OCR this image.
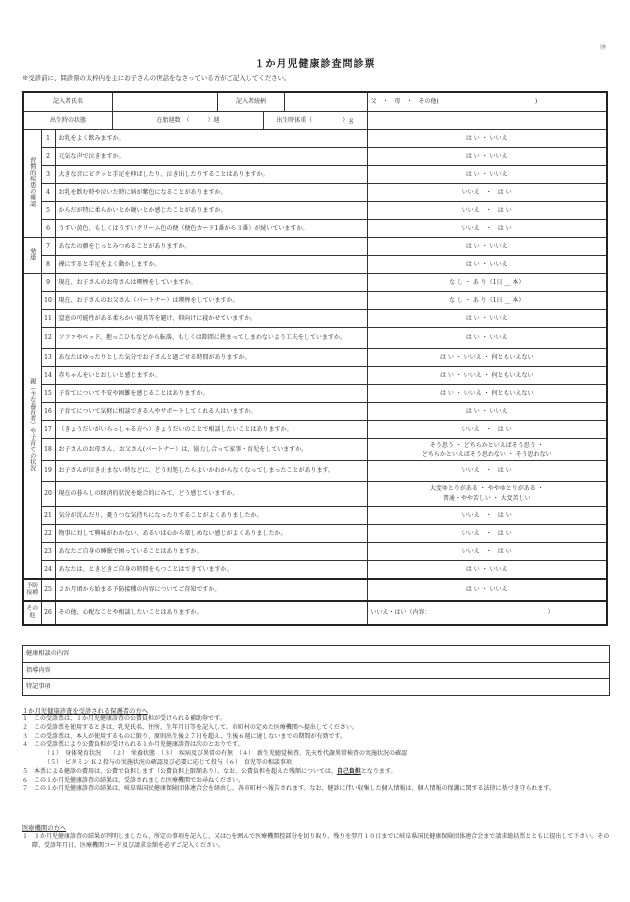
⑲
１か月児健康診査問診票
※受診前に、問診票の太枠内を主にお子さんの世話をなさっている方がご記入してください。
記入者氏名 記入者続柄			父　・　母　・　その他(　　　　　　　　　　　　　　　　)

出生時の状態 在胎週数　（　　　）週 出生時体重（　　　　　）ｇ			

習慣的疾患の確認	1	お乳をよく飲みますか。	は い ・ いいえ
	2	元気な声で泣きますか。	は い ・ いいえ
	3	大きな音にビクッと手足を伸ばしたり、泣き出したりすることはありますか。	は い ・ いいえ
	4	お乳を飲む時や泣いた時に唇が紫色になることがありますか。	いいえ　・　は い
	5	からだが特に柔らかいとか硬いとか感じたことがありますか。	いいえ　・　は い
	6	うすい黄色、もしくはうすいクリーム色の便（便色カード1番から３番）が続いていますか。	いいえ　・　は い
発達	7	あなたの顔をじっとみつめることがありますか。	は い ・ いいえ
	8	裸にすると手足をよく動かしますか。	は い ・ いいえ
親（主な養育者）や子育ての状況	9	現在、お子さんのお母さんは喫煙をしていますか。	な し ・ あ り（1日 __ 本）
	10	現在、お子さんのお父さん（パートナー）は喫煙をしていますか。	な し ・ あ り（1日 __ 本）
	11	窒息の可能性がある柔らかい寝具等を避け、仰向けに寝かせていますか。	は い ・ いいえ
	12	ソファやベッド、抱っこひもなどから転落、もしくは隙間に挟まってしまわないよう工夫をしていますか。	は い ・ いいえ
	13	あなたはゆったりとした気分でお子さんと過ごせる時間がありますか。	は い ・ いいえ ・ 何ともいえない
	14	赤ちゃんをいとおしいと感じますか。	は い ・ いいえ ・ 何ともいえない
	15	子育てについて不安や困難を感じることはありますか。	は い ・ いいえ ・ 何ともいえない
	16	子育てについて気軽に相談できる人やサポートしてくれる人はいますか。	は い ・ いいえ
	17	（きょうだいがいらっしゃる方へ）きょうだいのことで相談したいことはありますか。	いいえ　・　は い
	18	お子さんのお母さん、お父さん(パートナー）は、協力し合って家事・育児をしていますか。	そう思う ・ どちらかといえばそう思う ・
どちらかといえばそう思わない ・ そう思わない

	19	お子さんが泣き止まない時などに、どう対処したらよいかわからなくなってしまったことがあります。	いいえ　・　は い
	20	現在の暮らしの経済的状況を総合的にみて、どう感じていますか。	大変ゆとりがある ・ ややゆとりがある ・
普通・やや苦しい ・ 大変苦しい

	21	気分が沈んだり、憂うつな気持ちになったりすることがよくありましたか。	いいえ　・　は い
	22	物事に対して興味がわかない、あるいは心から楽しめない感じがよくありましたか。	いいえ　・　は い
	23	あなたご自身の睡眠で困っていることはありますか。	いいえ　・　は い
	24	あなたは、ときどきご自身の時間をもつことはできていますか。	は い ・ いいえ
予防接種	25	２か月頃から始まる予防接種の内容についてご存知ですか。	は い ・ いいえ
その他	26	その他、心配なことや相談したいことはありますか。	いいえ・はい（内容：　　　　　　　　　　　　　　　　　　　　）
健康相談の内容
指導内容
特記事項
１か月児健康診査を受診される保護者の方へ

１　この受診票は、１か月児健康診査の公費負担が受けられる補助券です。

２　この受診票を使用するときは、乳児氏名、住所、生年月日等を記入して、市町村の定めた医療機関へ提出してください。

３　この受診票は、本人が使用するものに限り、原則出生後２７日を超え、生後６週に達しないまでの期間が有効です。

４　この受診票により公費負担が受けられる１か月児健康診査は次のとおりです。

（１）　身体発育状況　　（２）　栄養状態　（３）　疾病及び異常の有無　（４）　新生児聴覚検査、先天性代謝異常検査の実施状況の確認

（５）　ビタミン Ｋ２投与の実施状況の確認及び必要に応じて投与（６）　育児等の相談事項

５　本票による健診の費用は、公費で負担します（公費負担上限額あり）。なお、公費負担を超えた残額については、自己負担となります。

６　この１か月児健康診査の結果は、受診されました医療機関でお尋ねください。

７　この１か月児健康診査の結果は、岐阜県国民健康保険団体連合会を経由し、各市町村へ報告されます。なお、健診に伴い収集した個人情報は、個人情報の保護に関する法律に基づき守られます。

医療機関の方へ

１　１か月児健康診査の結果が判明しましたら、所定の事項を記入し、又は○を囲んで医療機関控部分を切り取り、残りを翌月１０日までに岐阜県国民健康保険団体連合会まで請求総括票とともに提出して下さい。その際、受診年月日、医療機関コード及び請求金額を必ずご記入ください。
